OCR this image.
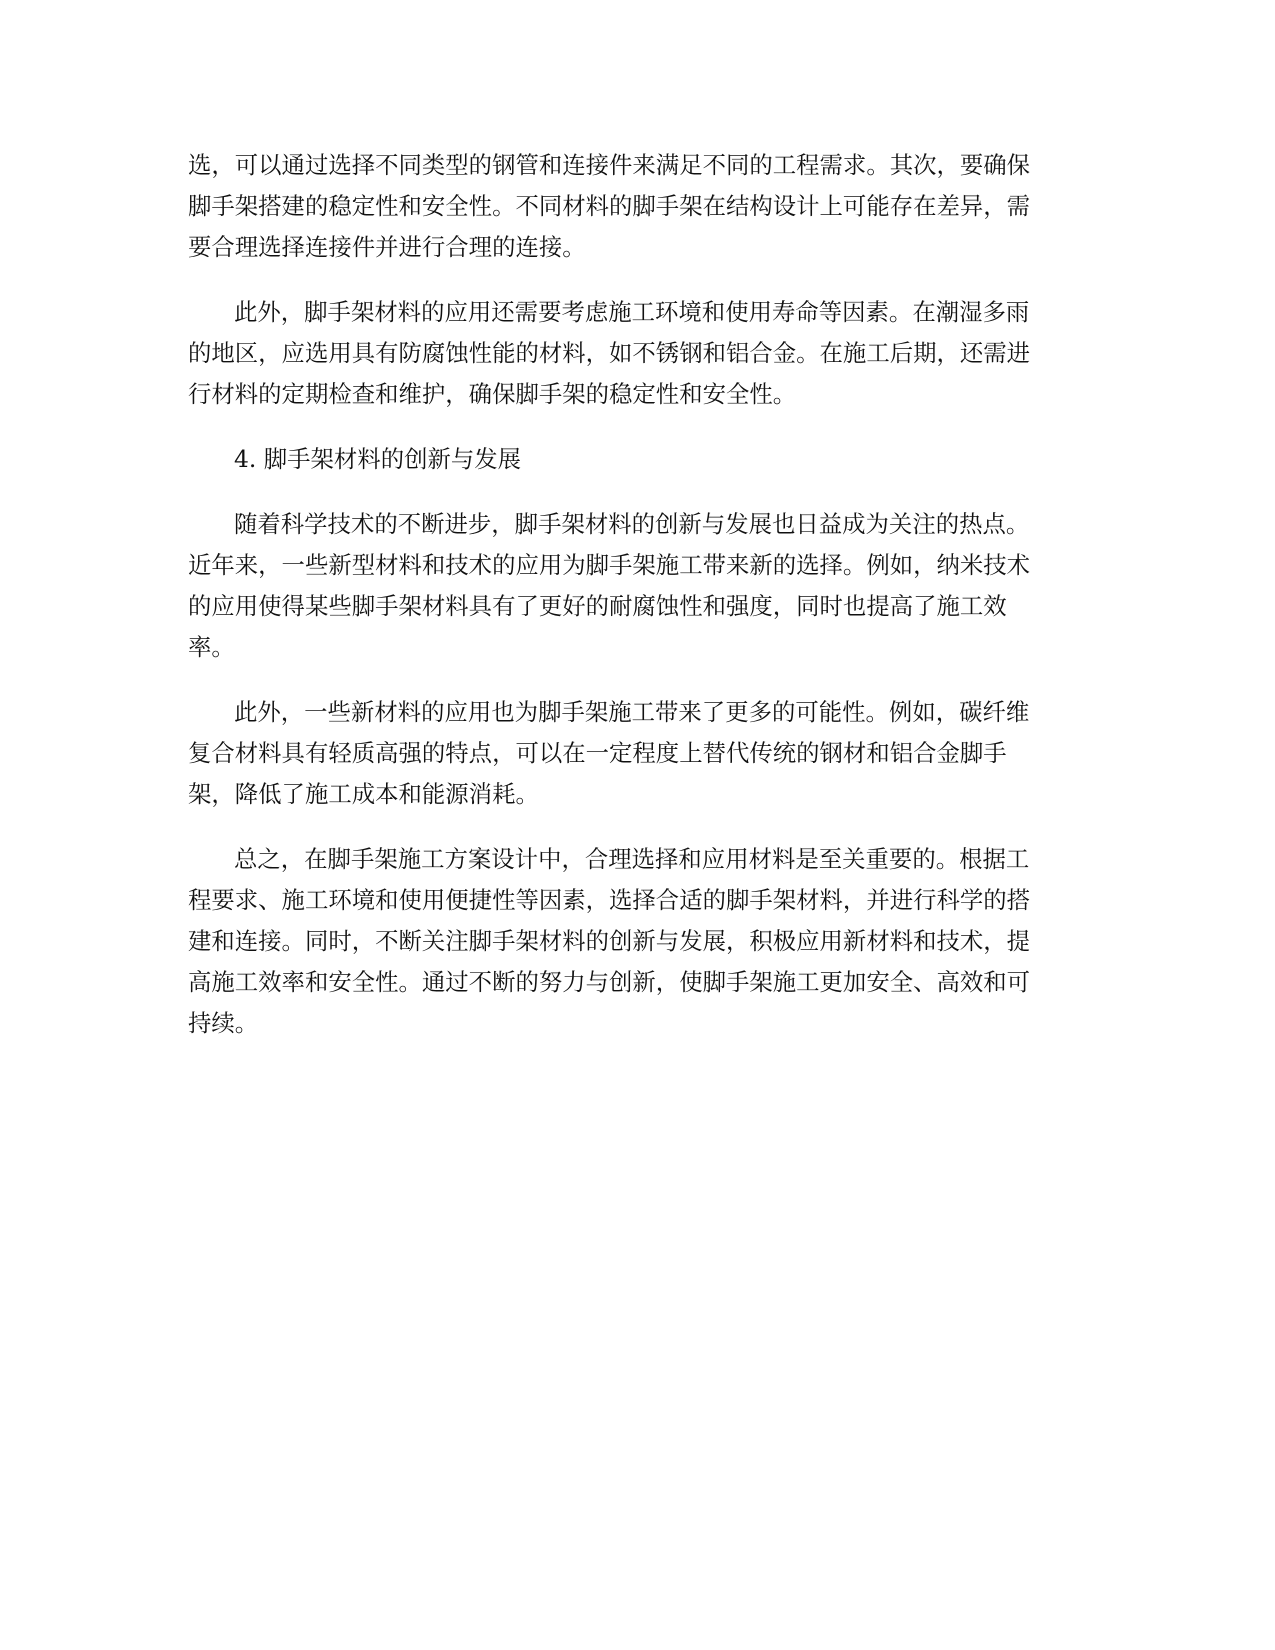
选，可以通过选择不同类型的钢管和连接件来满足不同的工程需求。其次，要确保
脚手架搭建的稳定性和安全性。不同材料的脚手架在结构设计上可能存在差异，需
要合理选择连接件并进行合理的连接。
此外，脚手架材料的应用还需要考虑施工环境和使用寿命等因素。在潮湿多雨
的地区，应选用具有防腐蚀性能的材料，如不锈钢和铝合金。在施工后期，还需进
行材料的定期检查和维护，确保脚手架的稳定性和安全性。
4. 脚手架材料的创新与发展
随着科学技术的不断进步，脚手架材料的创新与发展也日益成为关注的热点。
近年来，一些新型材料和技术的应用为脚手架施工带来新的选择。例如，纳米技术
的应用使得某些脚手架材料具有了更好的耐腐蚀性和强度，同时也提高了施工效
率。
此外，一些新材料的应用也为脚手架施工带来了更多的可能性。例如，碳纤维
复合材料具有轻质高强的特点，可以在一定程度上替代传统的钢材和铝合金脚手
架，降低了施工成本和能源消耗。
总之，在脚手架施工方案设计中，合理选择和应用材料是至关重要的。根据工
程要求、施工环境和使用便捷性等因素，选择合适的脚手架材料，并进行科学的搭
建和连接。同时，不断关注脚手架材料的创新与发展，积极应用新材料和技术，提
高施工效率和安全性。通过不断的努力与创新，使脚手架施工更加安全、高效和可
持续。
